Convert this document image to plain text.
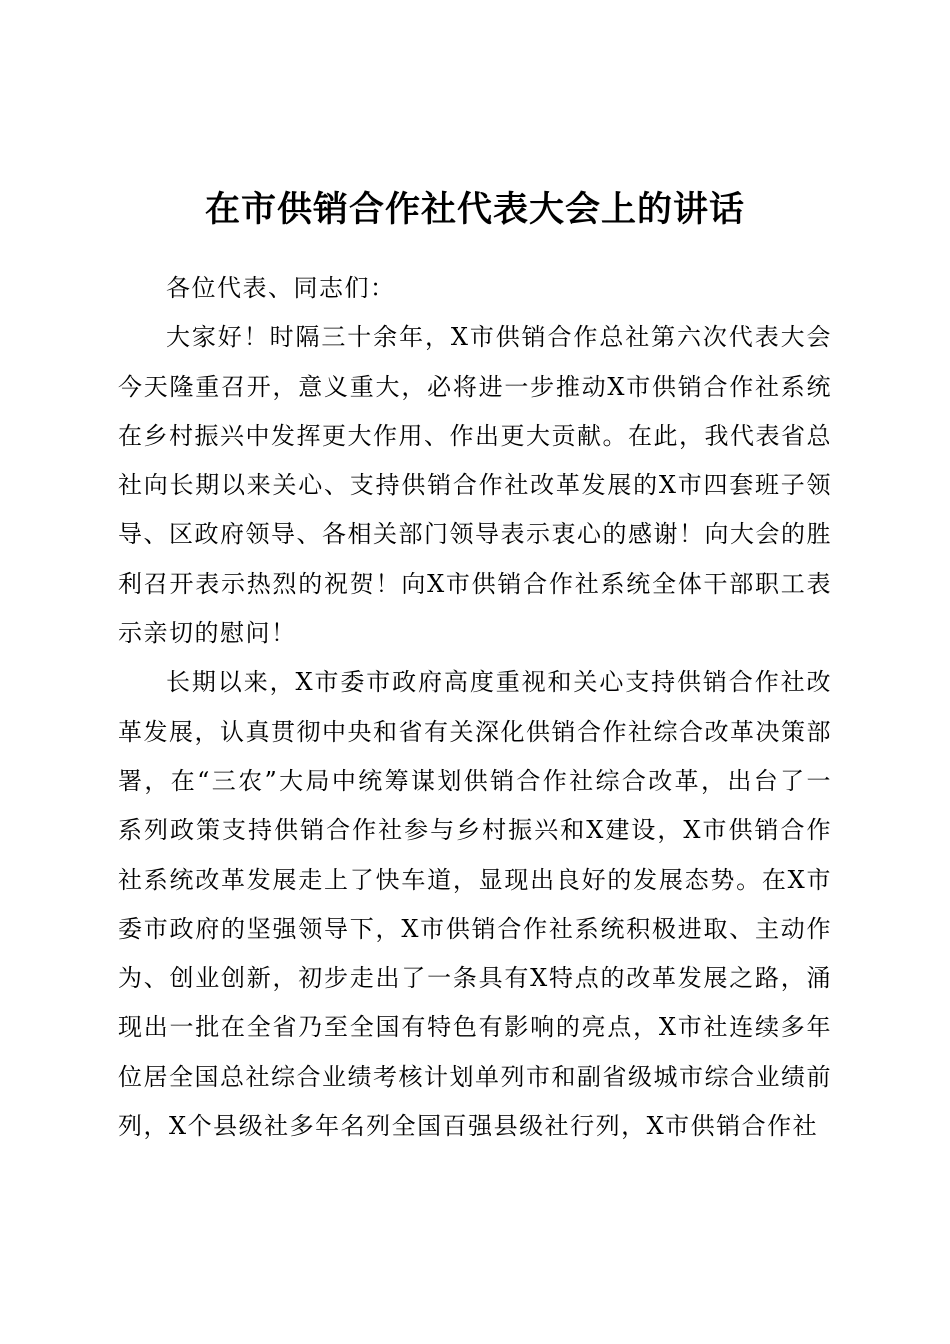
在市供销合作社代表大会上的讲话

各位代表、同志们：

大家好！时隔三十余年，X市供销合作总社第六次代表大会今天隆重召开，意义重大，必将进一步推动X市供销合作社系统在乡村振兴中发挥更大作用、作出更大贡献。在此，我代表省总社向长期以来关心、支持供销合作社改革发展的X市四套班子领导、区政府领导、各相关部门领导表示衷心的感谢！向大会的胜利召开表示热烈的祝贺！向X市供销合作社系统全体干部职工表示亲切的慰问！

长期以来，X市委市政府高度重视和关心支持供销合作社改革发展，认真贯彻中央和省有关深化供销合作社综合改革决策部署，在“三农”大局中统筹谋划供销合作社综合改革，出台了一系列政策支持供销合作社参与乡村振兴和X建设，X市供销合作社系统改革发展走上了快车道，显现出良好的发展态势。在X市委市政府的坚强领导下，X市供销合作社系统积极进取、主动作为、创业创新，初步走出了一条具有X特点的改革发展之路，涌现出一批在全省乃至全国有特色有影响的亮点，X市社连续多年位居全国总社综合业绩考核计划单列市和副省级城市综合业绩前列，X个县级社多年名列全国百强县级社行列，X市供销合作社
